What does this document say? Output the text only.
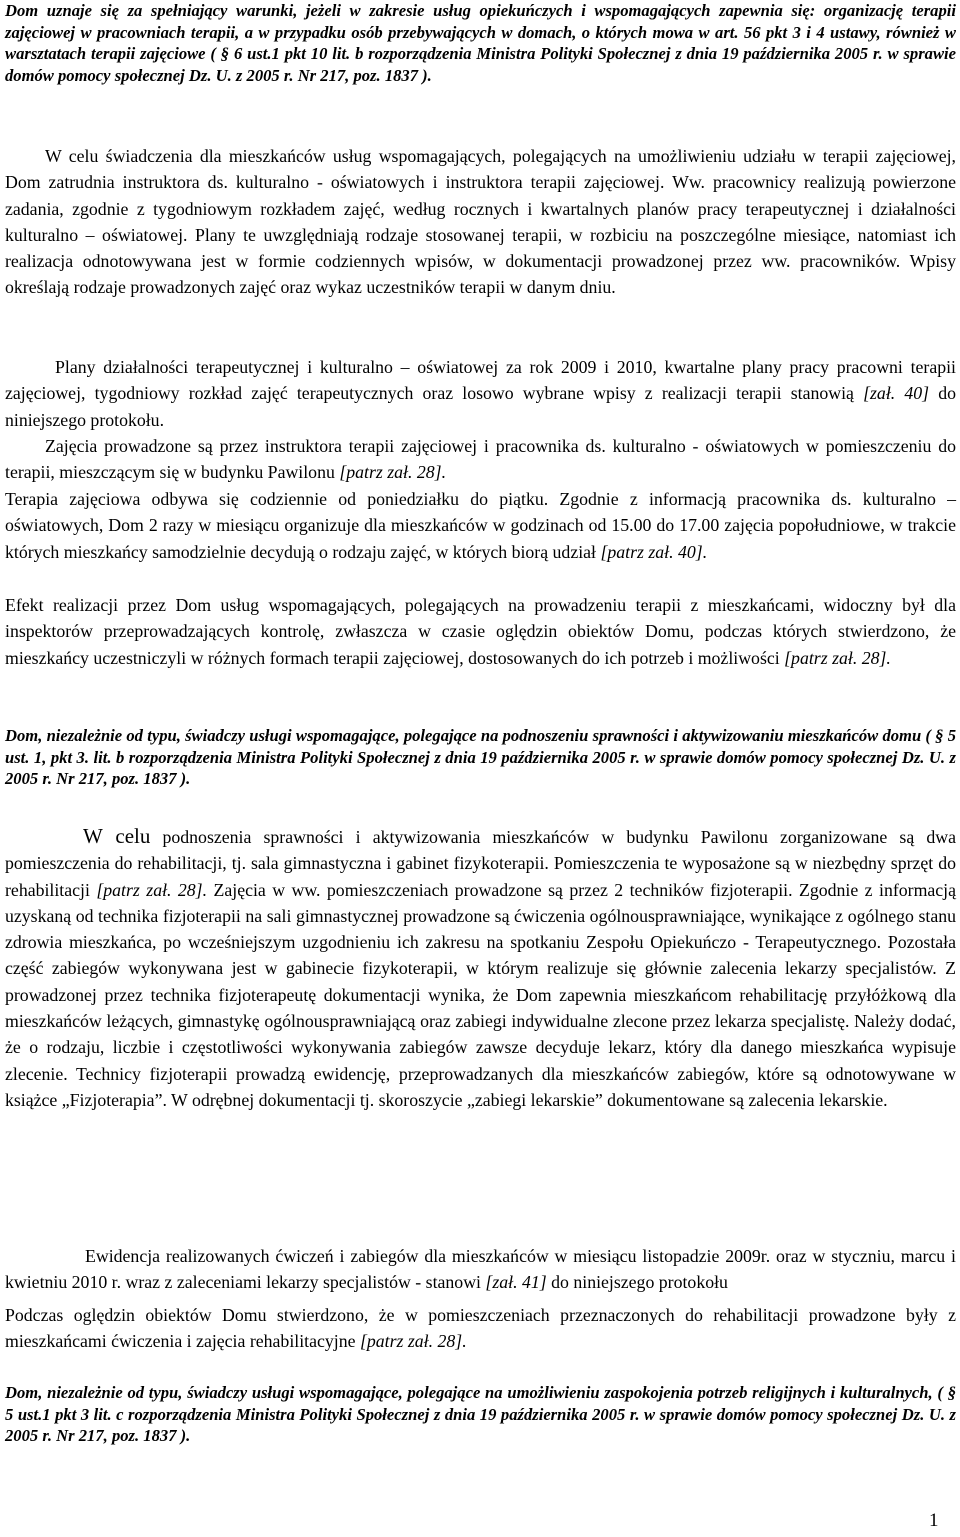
Dom uznaje się za spełniający warunki, jeżeli w zakresie usług opiekuńczych i wspomagających zapewnia się: organizację terapii zajęciowej w pracowniach terapii, a w przypadku osób przebywających w domach, o których mowa w art. 56 pkt 3 i 4 ustawy, również w warsztatach terapii zajęciowe ( § 6 ust.1 pkt 10 lit. b rozporządzenia Ministra Polityki Społecznej z dnia 19 października 2005 r. w sprawie domów pomocy społecznej Dz. U. z 2005 r. Nr 217, poz. 1837 ).

W celu świadczenia dla mieszkańców usług wspomagających, polegających na umożliwieniu udziału w terapii zajęciowej, Dom zatrudnia instruktora ds. kulturalno - oświatowych i instruktora terapii zajęciowej. Ww. pracownicy realizują powierzone zadania, zgodnie z tygodniowym rozkładem zajęć, według rocznych i kwartalnych planów pracy terapeutycznej i działalności kulturalno – oświatowej. Plany te uwzględniają rodzaje stosowanej terapii, w rozbiciu na poszczególne miesiące, natomiast ich realizacja odnotowywana jest w formie codziennych wpisów, w dokumentacji prowadzonej przez ww. pracowników. Wpisy określają rodzaje prowadzonych zajęć oraz wykaz uczestników terapii w danym dniu.

Plany działalności terapeutycznej i kulturalno – oświatowej za rok 2009 i 2010, kwartalne plany pracy pracowni terapii zajęciowej, tygodniowy rozkład zajęć terapeutycznych oraz losowo wybrane wpisy z realizacji terapii stanowią [zał. 40] do niniejszego protokołu.

Zajęcia prowadzone są przez instruktora terapii zajęciowej i pracownika ds. kulturalno - oświatowych w pomieszczeniu do terapii, mieszczącym się w budynku Pawilonu [patrz zał. 28].

Terapia zajęciowa odbywa się codziennie od poniedziałku do piątku. Zgodnie z informacją pracownika ds. kulturalno – oświatowych, Dom 2 razy w miesiącu organizuje dla mieszkańców w godzinach od 15.00 do 17.00 zajęcia popołudniowe, w trakcie których mieszkańcy samodzielnie decydują o rodzaju zajęć, w których biorą udział [patrz zał. 40].

Efekt realizacji przez Dom usług wspomagających, polegających na prowadzeniu terapii z mieszkańcami, widoczny był dla inspektorów przeprowadzających kontrolę, zwłaszcza w czasie oględzin obiektów Domu, podczas których stwierdzono, że mieszkańcy uczestniczyli w różnych formach terapii zajęciowej, dostosowanych do ich potrzeb i możliwości [patrz zał. 28].

Dom, niezależnie od typu, świadczy usługi wspomagające, polegające na podnoszeniu sprawności i aktywizowaniu mieszkańców domu ( § 5 ust. 1, pkt 3. lit. b rozporządzenia Ministra Polityki Społecznej z dnia 19 października 2005 r. w sprawie domów pomocy społecznej Dz. U. z 2005 r. Nr 217, poz. 1837 ).

W celu podnoszenia sprawności i aktywizowania mieszkańców w budynku Pawilonu zorganizowane są dwa pomieszczenia do rehabilitacji, tj. sala gimnastyczna i gabinet fizykoterapii. Pomieszczenia te wyposażone są w niezbędny sprzęt do rehabilitacji [patrz zał. 28]. Zajęcia w ww. pomieszczeniach prowadzone są przez 2 techników fizjoterapii. Zgodnie z informacją uzyskaną od technika fizjoterapii na sali gimnastycznej prowadzone są ćwiczenia ogólnousprawniające, wynikające z ogólnego stanu zdrowia mieszkańca, po wcześniejszym uzgodnieniu ich zakresu na spotkaniu Zespołu Opiekuńczo - Terapeutycznego. Pozostała część zabiegów wykonywana jest w gabinecie fizykoterapii, w którym realizuje się głównie zalecenia lekarzy specjalistów. Z prowadzonej przez technika fizjoterapeutę dokumentacji wynika, że Dom zapewnia mieszkańcom rehabilitację przyłóżkową dla mieszkańców leżących, gimnastykę ogólnousprawniającą oraz zabiegi indywidualne zlecone przez lekarza specjalistę. Należy dodać, że o rodzaju, liczbie i częstotliwości wykonywania zabiegów zawsze decyduje lekarz, który dla danego mieszkańca wypisuje zlecenie. Technicy fizjoterapii prowadzą ewidencję, przeprowadzanych dla mieszkańców zabiegów, które są odnotowywane w książce „Fizjoterapia”. W odrębnej dokumentacji tj. skoroszycie „zabiegi lekarskie” dokumentowane są zalecenia lekarskie.

Ewidencja realizowanych ćwiczeń i zabiegów dla mieszkańców w miesiącu listopadzie 2009r. oraz w styczniu, marcu i kwietniu 2010 r. wraz z zaleceniami lekarzy specjalistów - stanowi [zał. 41] do niniejszego protokołu

Podczas oględzin obiektów Domu stwierdzono, że w pomieszczeniach przeznaczonych do rehabilitacji prowadzone były z mieszkańcami ćwiczenia i zajęcia rehabilitacyjne [patrz zał. 28].

Dom, niezależnie od typu, świadczy usługi wspomagające, polegające na umożliwieniu zaspokojenia potrzeb religijnych i kulturalnych, ( § 5 ust.1 pkt 3 lit. c rozporządzenia Ministra Polityki Społecznej z dnia 19 października 2005 r. w sprawie domów pomocy społecznej Dz. U. z 2005 r. Nr 217, poz. 1837 ).

1
